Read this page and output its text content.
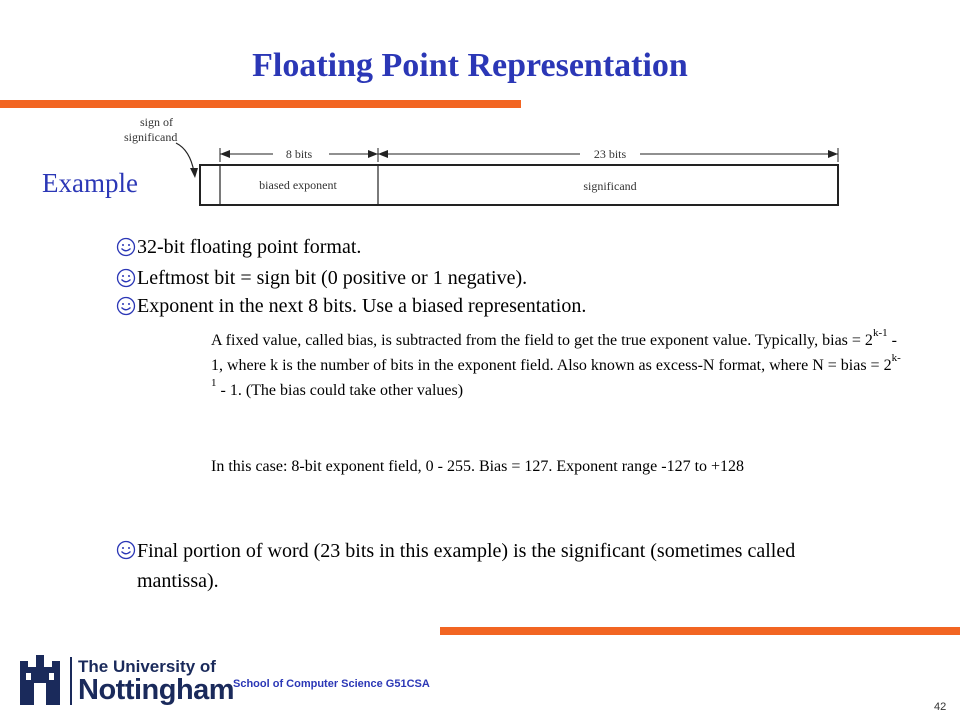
Floating Point Representation
sign of
significand
8 bits	23 bits
biased exponent	significand
Example
32-bit floating point format.
Leftmost bit = sign bit (0 positive or 1 negative).
Exponent in the next 8 bits. Use a biased representation.
A fixed value, called bias, is subtracted from the field to get the true exponent value. Typically, bias = $2^{k-1} - 1$, where k is the number of bits in the exponent field. Also known as excess-N format, where N = bias = $2^{k-1} - 1$. (The bias could take other values)
In this case: 8-bit exponent field, 0 - 255. Bias = 127. Exponent range -127 to +128
Final portion of word (23 bits in this example) is the significant (sometimes called mantissa).
The University of
Nottingham
School of Computer Science G51CSA
42
